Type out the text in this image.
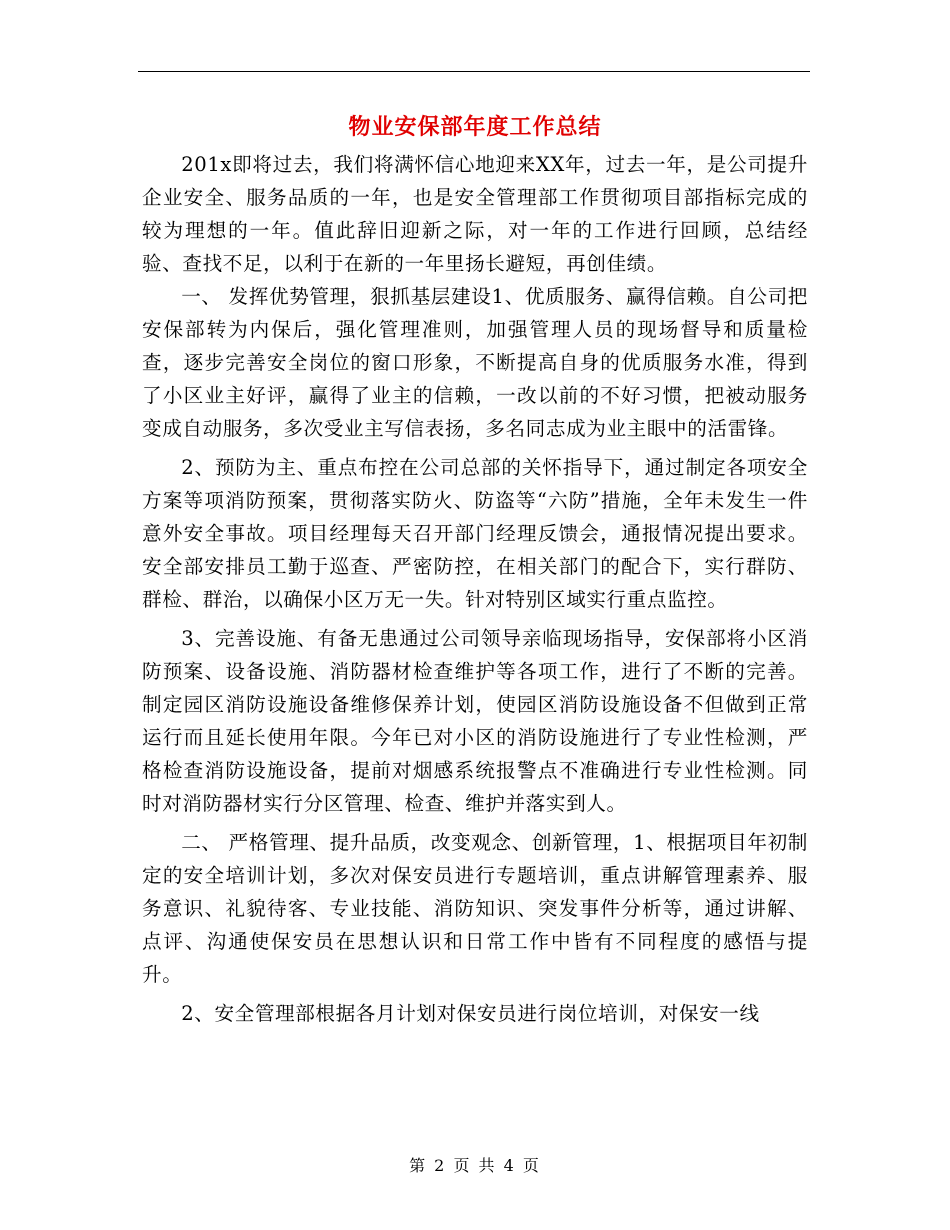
物业安保部年度工作总结

201x即将过去，我们将满怀信心地迎来XX年，过去一年，是公司提升企业安全、服务品质的一年，也是安全管理部工作贯彻项目部指标完成的较为理想的一年。值此辞旧迎新之际，对一年的工作进行回顾，总结经验、查找不足，以利于在新的一年里扬长避短，再创佳绩。

一、 发挥优势管理，狠抓基层建设1、优质服务、赢得信赖。自公司把安保部转为内保后，强化管理准则，加强管理人员的现场督导和质量检查，逐步完善安全岗位的窗口形象，不断提高自身的优质服务水准，得到了小区业主好评，赢得了业主的信赖，一改以前的不好习惯，把被动服务变成自动服务，多次受业主写信表扬，多名同志成为业主眼中的活雷锋。

2、预防为主、重点布控在公司总部的关怀指导下，通过制定各项安全方案等项消防预案，贯彻落实防火、防盗等“六防”措施，全年未发生一件意外安全事故。项目经理每天召开部门经理反馈会，通报情况提出要求。安全部安排员工勤于巡查、严密防控，在相关部门的配合下，实行群防、群检、群治，以确保小区万无一失。针对特别区域实行重点监控。

3、完善设施、有备无患通过公司领导亲临现场指导，安保部将小区消防预案、设备设施、消防器材检查维护等各项工作，进行了不断的完善。制定园区消防设施设备维修保养计划，使园区消防设施设备不但做到正常运行而且延长使用年限。今年已对小区的消防设施进行了专业性检测，严格检查消防设施设备，提前对烟感系统报警点不准确进行专业性检测。同时对消防器材实行分区管理、检查、维护并落实到人。

二、 严格管理、提升品质，改变观念、创新管理，1、根据项目年初制定的安全培训计划，多次对保安员进行专题培训，重点讲解管理素养、服务意识、礼貌待客、专业技能、消防知识、突发事件分析等，通过讲解、点评、沟通使保安员在思想认识和日常工作中皆有不同程度的感悟与提升。

2、安全管理部根据各月计划对保安员进行岗位培训，对保安一线

第 2 页 共 4 页
